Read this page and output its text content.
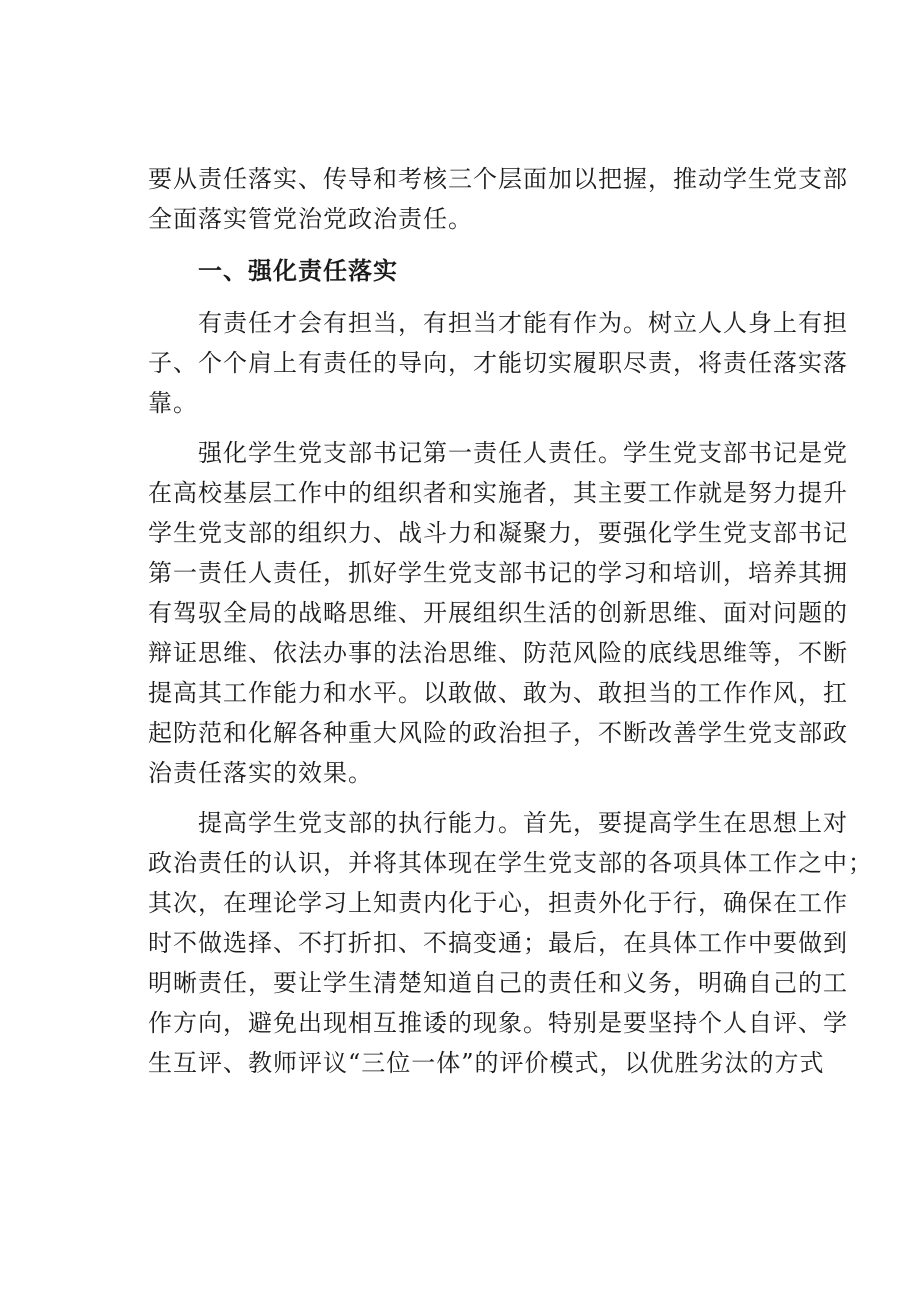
要从责任落实、传导和考核三个层面加以把握，推动学生党支部
全面落实管党治党政治责任。
一、强化责任落实
有责任才会有担当，有担当才能有作为。树立人人身上有担
子、个个肩上有责任的导向，才能切实履职尽责，将责任落实落
靠。
强化学生党支部书记第一责任人责任。学生党支部书记是党
在高校基层工作中的组织者和实施者，其主要工作就是努力提升
学生党支部的组织力、战斗力和凝聚力，要强化学生党支部书记
第一责任人责任，抓好学生党支部书记的学习和培训，培养其拥
有驾驭全局的战略思维、开展组织生活的创新思维、面对问题的
辩证思维、依法办事的法治思维、防范风险的底线思维等，不断
提高其工作能力和水平。以敢做、敢为、敢担当的工作作风，扛
起防范和化解各种重大风险的政治担子，不断改善学生党支部政
治责任落实的效果。
提高学生党支部的执行能力。首先，要提高学生在思想上对
政治责任的认识，并将其体现在学生党支部的各项具体工作之中；
其次，在理论学习上知责内化于心，担责外化于行，确保在工作
时不做选择、不打折扣、不搞变通；最后，在具体工作中要做到
明晰责任，要让学生清楚知道自己的责任和义务，明确自己的工
作方向，避免出现相互推诿的现象。特别是要坚持个人自评、学
生互评、教师评议“三位一体”的评价模式，以优胜劣汰的方式
